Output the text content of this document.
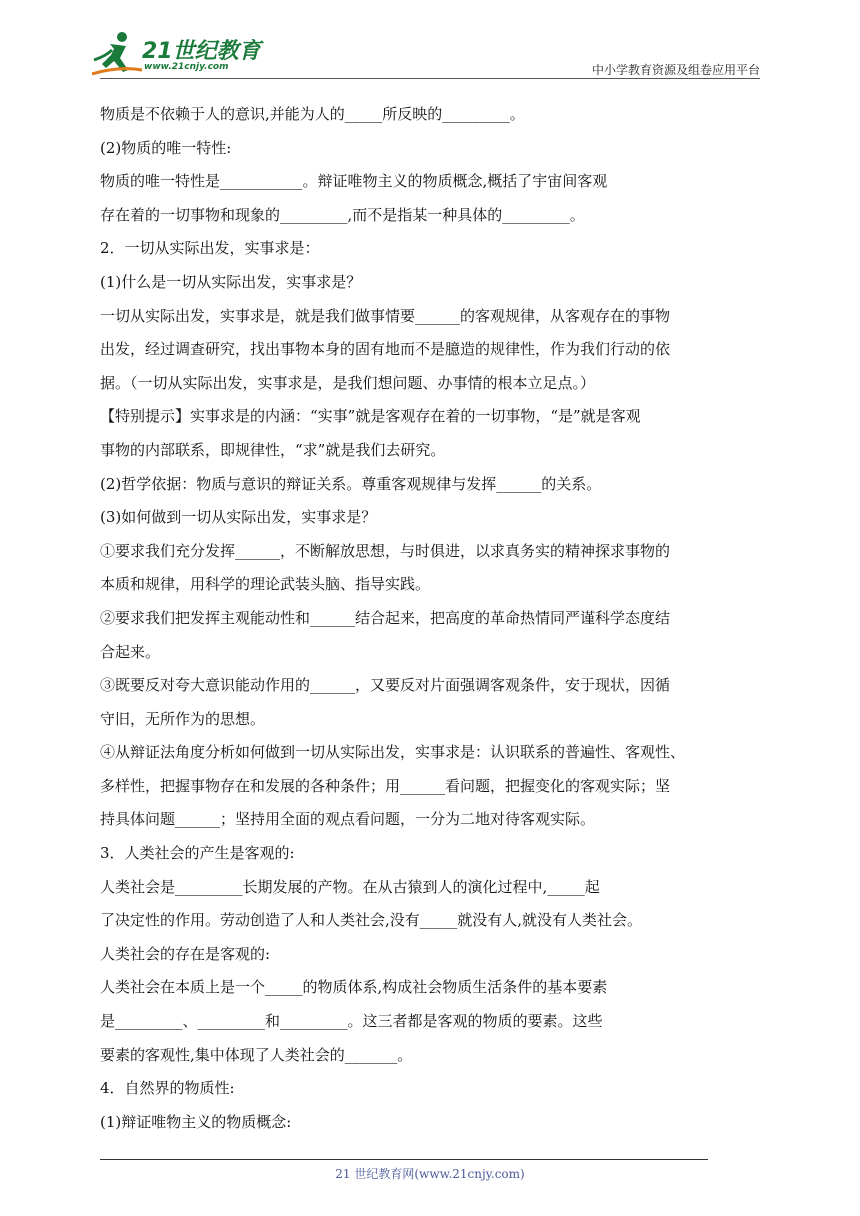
21世纪教育
www.21cnjy.com	中小学教育资源及组卷应用平台
物质是不依赖于人的意识,并能为人的_____所反映的_________。
(2)物质的唯一特性:
物质的唯一特性是___________。辩证唯物主义的物质概念,概括了宇宙间客观
存在着的一切事物和现象的_________,而不是指某一种具体的_________。
2．一切从实际出发，实事求是：
(1)什么是一切从实际出发，实事求是？
一切从实际出发，实事求是，就是我们做事情要______的客观规律，从客观存在的事物
出发，经过调查研究，找出事物本身的固有地而不是臆造的规律性，作为我们行动的依
据。（一切从实际出发，实事求是，是我们想问题、办事情的根本立足点。）
【特别提示】实事求是的内涵：“实事”就是客观存在着的一切事物，“是”就是客观
事物的内部联系，即规律性，“求”就是我们去研究。
(2)哲学依据：物质与意识的辩证关系。尊重客观规律与发挥______的关系。
(3)如何做到一切从实际出发，实事求是？
①要求我们充分发挥______，不断解放思想，与时俱进，以求真务实的精神探求事物的
本质和规律，用科学的理论武装头脑、指导实践。
②要求我们把发挥主观能动性和______结合起来，把高度的革命热情同严谨科学态度结
合起来。
③既要反对夸大意识能动作用的______，又要反对片面强调客观条件，安于现状，因循
守旧，无所作为的思想。
④从辩证法角度分析如何做到一切从实际出发，实事求是：认识联系的普遍性、客观性、
多样性，把握事物存在和发展的各种条件；用______看问题，把握变化的客观实际；坚
持具体问题______；坚持用全面的观点看问题，一分为二地对待客观实际。
3．人类社会的产生是客观的:
人类社会是_________长期发展的产物。在从古猿到人的演化过程中,_____起
了决定性的作用。劳动创造了人和人类社会,没有_____就没有人,就没有人类社会。
人类社会的存在是客观的:
人类社会在本质上是一个_____的物质体系,构成社会物质生活条件的基本要素
是_________、_________和_________。这三者都是客观的物质的要素。这些
要素的客观性,集中体现了人类社会的_______。
4．自然界的物质性:
(1)辩证唯物主义的物质概念:
21 世纪教育网(www.21cnjy.com)
